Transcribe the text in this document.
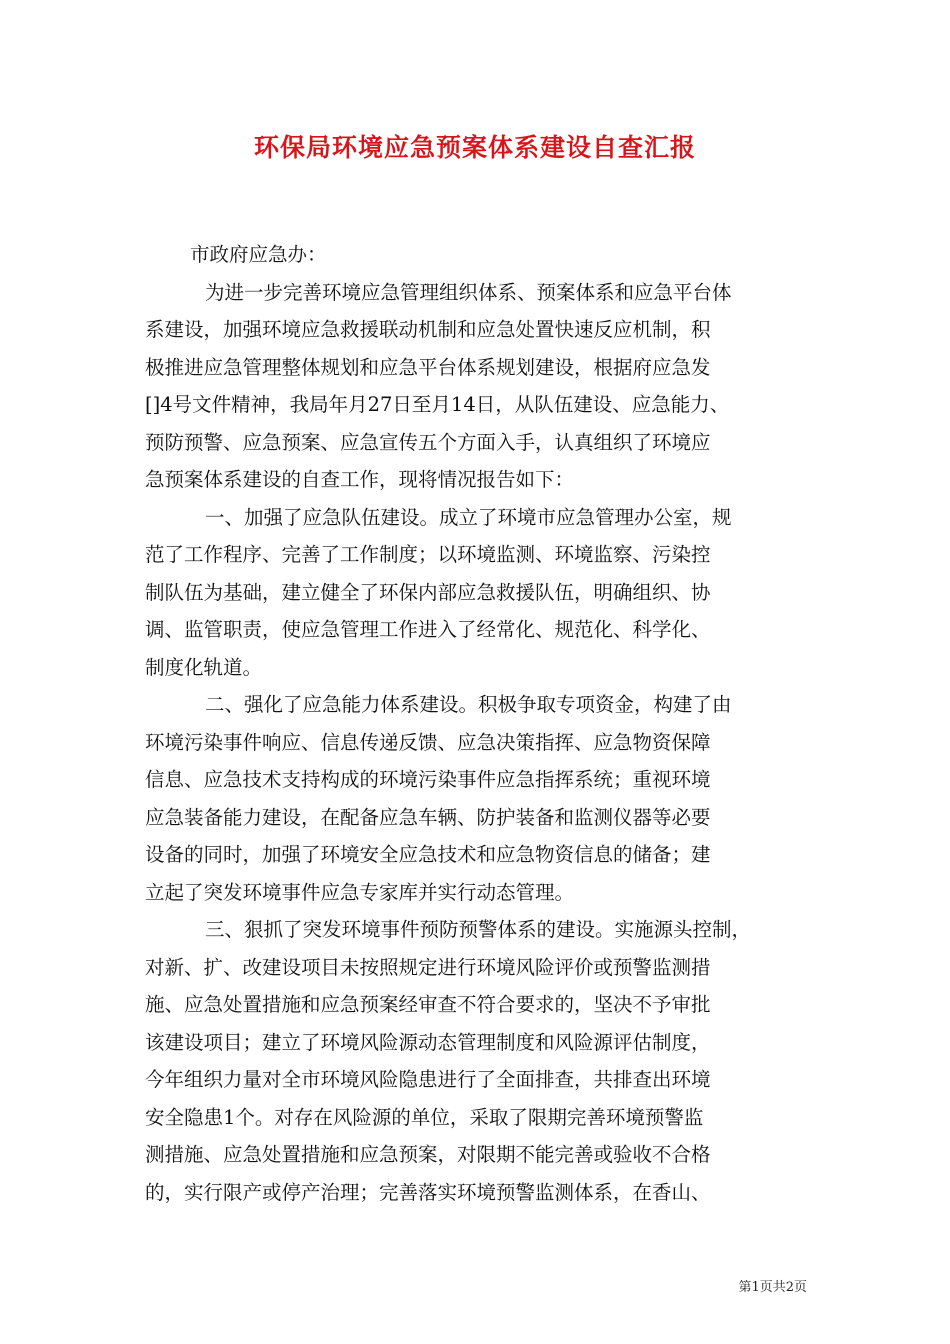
环保局环境应急预案体系建设自查汇报

市政府应急办：

为进一步完善环境应急管理组织体系、预案体系和应急平台体

系建设，加强环境应急救援联动机制和应急处置快速反应机制，积

极推进应急管理整体规划和应急平台体系规划建设，根据府应急发

[]4号文件精神，我局年月27日至月14日，从队伍建设、应急能力、

预防预警、应急预案、应急宣传五个方面入手，认真组织了环境应

急预案体系建设的自查工作，现将情况报告如下：

一、加强了应急队伍建设。成立了环境市应急管理办公室，规

范了工作程序、完善了工作制度；以环境监测、环境监察、污染控

制队伍为基础，建立健全了环保内部应急救援队伍，明确组织、协

调、监管职责，使应急管理工作进入了经常化、规范化、科学化、

制度化轨道。

二、强化了应急能力体系建设。积极争取专项资金，构建了由

环境污染事件响应、信息传递反馈、应急决策指挥、应急物资保障

信息、应急技术支持构成的环境污染事件应急指挥系统；重视环境

应急装备能力建设，在配备应急车辆、防护装备和监测仪器等必要

设备的同时，加强了环境安全应急技术和应急物资信息的储备；建

立起了突发环境事件应急专家库并实行动态管理。

三、狠抓了突发环境事件预防预警体系的建设。实施源头控制，

对新、扩、改建设项目未按照规定进行环境风险评价或预警监测措

施、应急处置措施和应急预案经审查不符合要求的，坚决不予审批

该建设项目；建立了环境风险源动态管理制度和风险源评估制度，

今年组织力量对全市环境风险隐患进行了全面排查，共排查出环境

安全隐患1个。对存在风险源的单位，采取了限期完善环境预警监

测措施、应急处置措施和应急预案，对限期不能完善或验收不合格

的，实行限产或停产治理；完善落实环境预警监测体系，在香山、

第1页共2页
